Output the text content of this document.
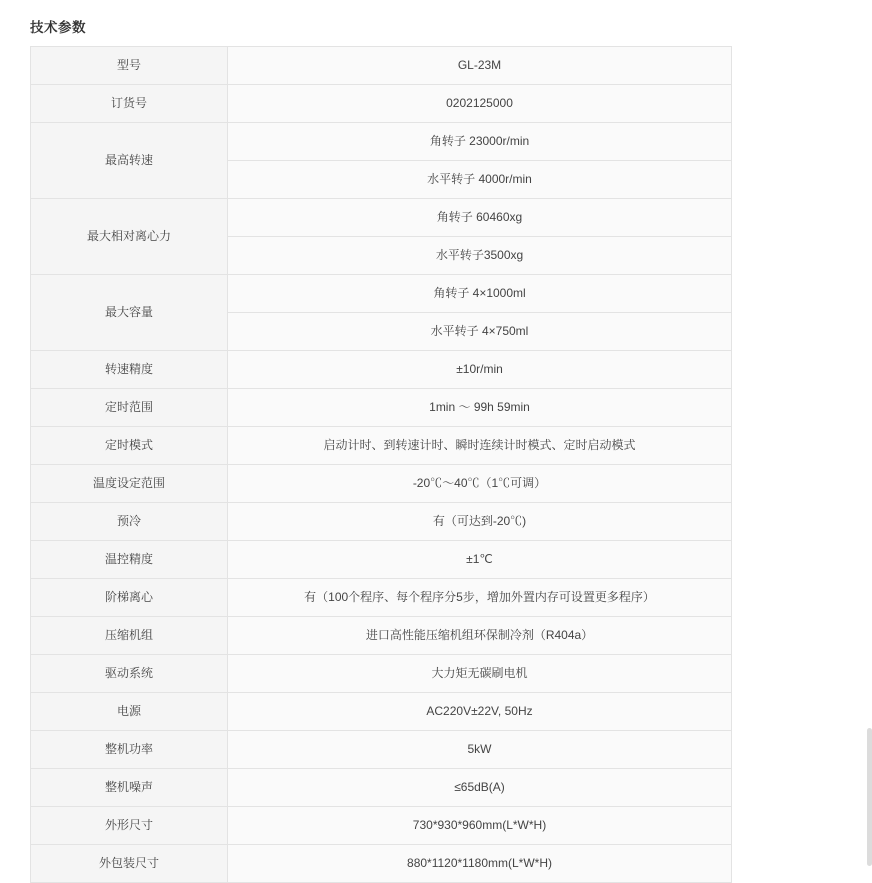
技术参数
型号	GL-23M

订货号	0202125000

最高转速	角转子 23000r/min

	水平转子 4000r/min

最大相对离心力	角转子 60460xg

	水平转子3500xg

最大容量	角转子 4×1000ml

	水平转子 4×750ml

转速精度	±10r/min

定时范围	1min ～ 99h 59min

定时模式	启动计时、到转速计时、瞬时连续计时模式、定时启动模式

温度设定范围	-20℃～40℃（1℃可调）

预冷	有（可达到-20℃)

温控精度	±1℃

阶梯离心	有（100个程序、每个程序分5步，增加外置内存可设置更多程序）

压缩机组	进口高性能压缩机组环保制冷剂（R404a）

驱动系统	大力矩无碳刷电机

电源	AC220V±22V, 50Hz

整机功率	5kW

整机噪声	≤65dB(A)

外形尺寸	730*930*960mm(L*W*H)

外包装尺寸	880*1120*1180mm(L*W*H)
